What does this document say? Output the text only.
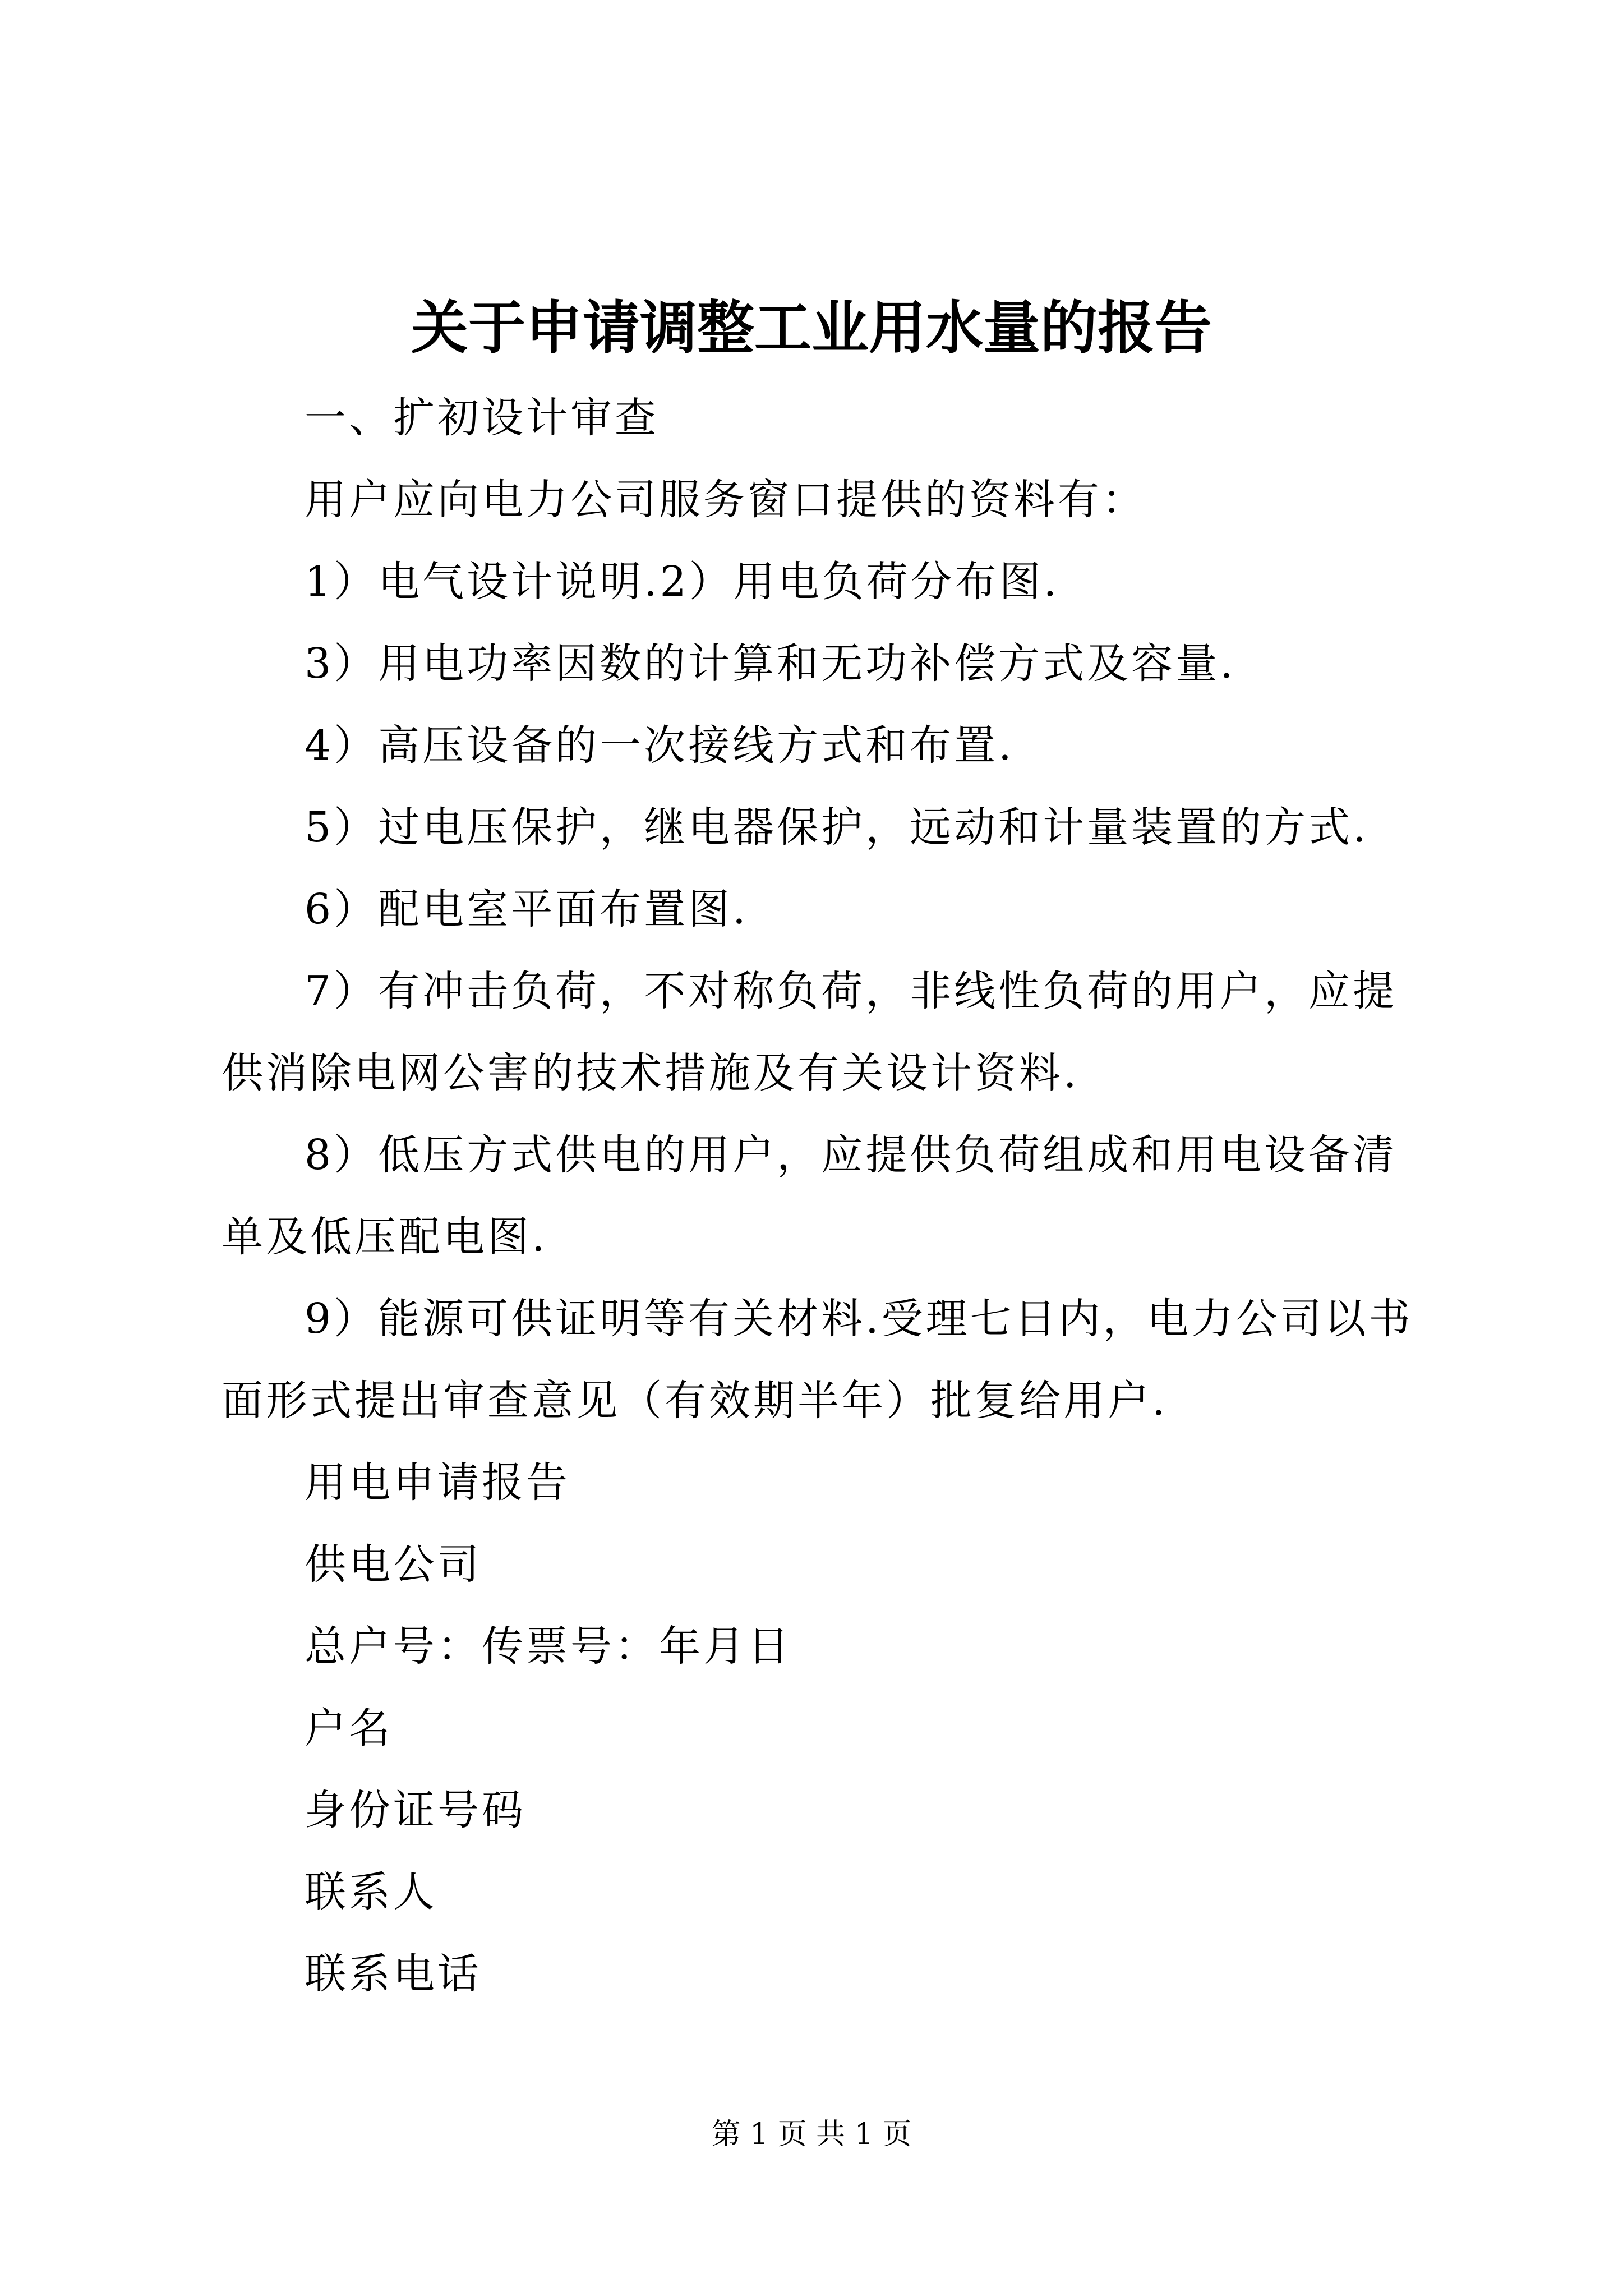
关于申请调整工业用水量的报告

一、扩初设计审查

用户应向电力公司服务窗口提供的资料有：

1）电气设计说明.2）用电负荷分布图.

3）用电功率因数的计算和无功补偿方式及容量.

4）高压设备的一次接线方式和布置.

5）过电压保护，继电器保护，远动和计量装置的方式.

6）配电室平面布置图.

7）有冲击负荷，不对称负荷，非线性负荷的用户，应提供消除电网公害的技术措施及有关设计资料.

8）低压方式供电的用户，应提供负荷组成和用电设备清单及低压配电图.

9）能源可供证明等有关材料.受理七日内，电力公司以书面形式提出审查意见（有效期半年）批复给用户.

用电申请报告

供电公司

总户号：传票号：年月日

户名

身份证号码

联系人

联系电话

第 1 页 共 1 页
